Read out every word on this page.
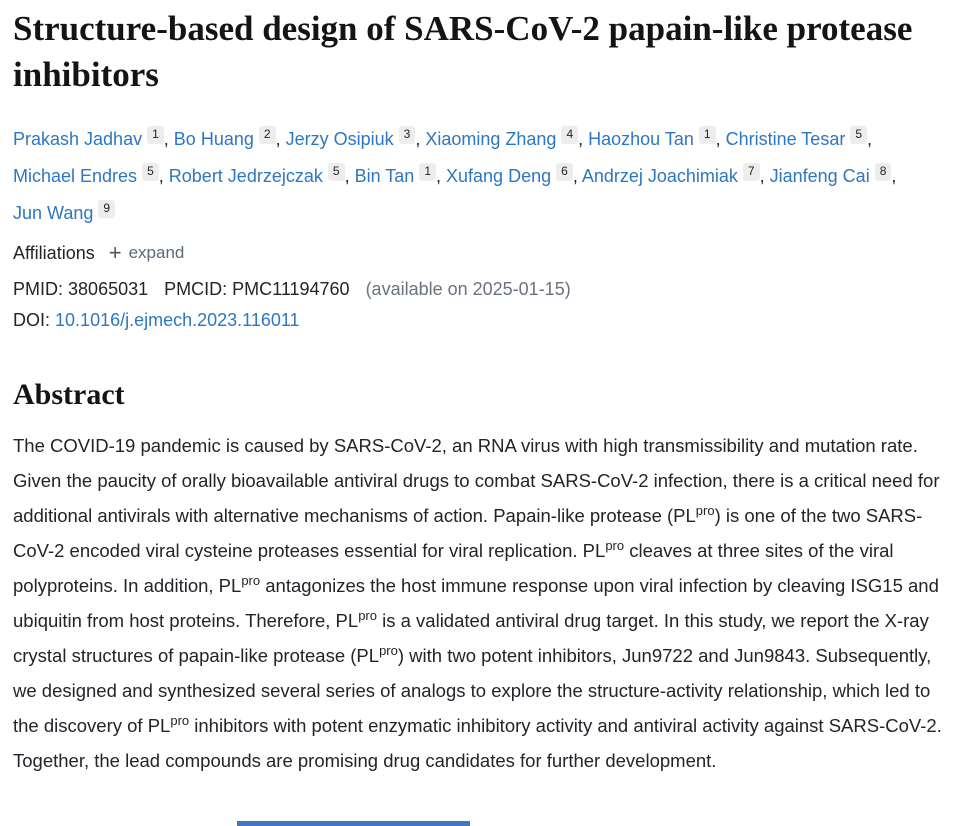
Structure-based design of SARS-CoV-2 papain-like protease inhibitors

Prakash Jadhav 1 , Bo Huang 2 , Jerzy Osipiuk 3 , Xiaoming Zhang 4 , Haozhou Tan 1 , Christine Tesar 5 , Michael Endres 5 , Robert Jedrzejczak 5 , Bin Tan 1 , Xufang Deng 6 , Andrzej Joachimiak 7 , Jianfeng Cai 8 , Jun Wang 9

Affiliations + expand
PMID: 38065031 PMCID: PMC11194760 (available on 2025-01-15)
DOI: 10.1016/j.ejmech.2023.116011
Abstract

The COVID-19 pandemic is caused by SARS-CoV-2, an RNA virus with high transmissibility and mutation rate. Given the paucity of orally bioavailable antiviral drugs to combat SARS-CoV-2 infection, there is a critical need for additional antivirals with alternative mechanisms of action. Papain-like protease $(PL^{pro})$ is one of the two SARS-CoV-2 encoded viral cysteine proteases essential for viral replication. $PL^{pro}$ cleaves at three sites of the viral polyproteins. In addition, $PL^{pro}$ antagonizes the host immune response upon viral infection by cleaving ISG15 and ubiquitin from host proteins. Therefore, $PL^{pro}$ is a validated antiviral drug target. In this study, we report the X-ray crystal structures of papain-like protease $(PL^{pro})$ with two potent inhibitors, Jun9722 and Jun9843. Subsequently, we designed and synthesized several series of analogs to explore the structure-activity relationship, which led to the discovery of $PL^{pro}$ inhibitors with potent enzymatic inhibitory activity and antiviral activity against SARS-CoV-2. Together, the lead compounds are promising drug candidates for further development.
